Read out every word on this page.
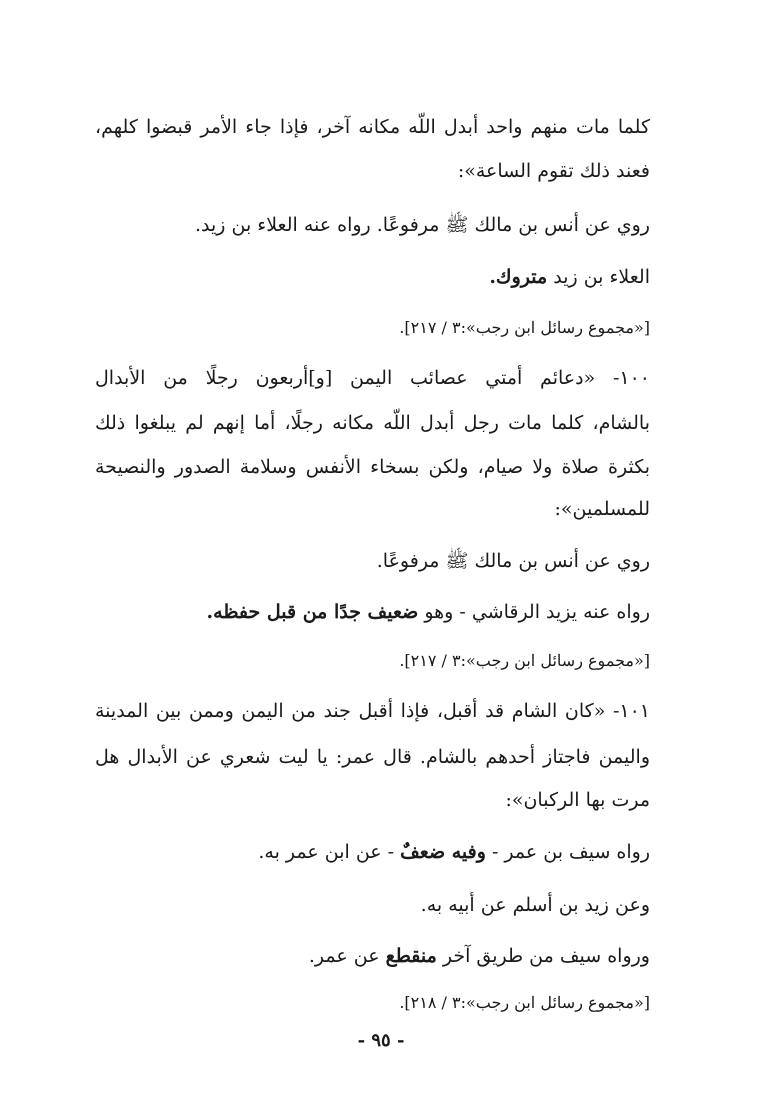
كلما مات منهم واحد أبدل اللّه مكانه آخر، فإذا جاء الأمر قبضوا كلهم،
فعند ذلك تقوم الساعة»:
روي عن أنس بن مالك ﷺ مرفوعًا. رواه عنه العلاء بن زيد.
العلاء بن زيد متروك.
[«مجموع رسائل ابن رجب»:٣ / ٢١٧].
١٠٠- «دعائم أمتي عصائب اليمن [و]أربعون رجلًا من الأبدال
بالشام، كلما مات رجل أبدل اللّه مكانه رجلًا، أما إنهم لم يبلغوا ذلك
بكثرة صلاة ولا صيام، ولكن بسخاء الأنفس وسلامة الصدور والنصيحة
للمسلمين»:
روي عن أنس بن مالك ﷺ مرفوعًا.
رواه عنه يزيد الرقاشي - وهو ضعيف جدًا من قبل حفظه.
[«مجموع رسائل ابن رجب»:٣ / ٢١٧].
١٠١- «كان الشام قد أقبل، فإذا أقبل جند من اليمن وممن بين المدينة
واليمن فاجتاز أحدهم بالشام. قال عمر: يا ليت شعري عن الأبدال هل
مرت بها الركبان»:
رواه سيف بن عمر - وفيه ضعفٌ - عن ابن عمر به.
وعن زيد بن أسلم عن أبيه به.
ورواه سيف من طريق آخر منقطع عن عمر.
[«مجموع رسائل ابن رجب»:٣ / ٢١٨].
- ٩٥ -
